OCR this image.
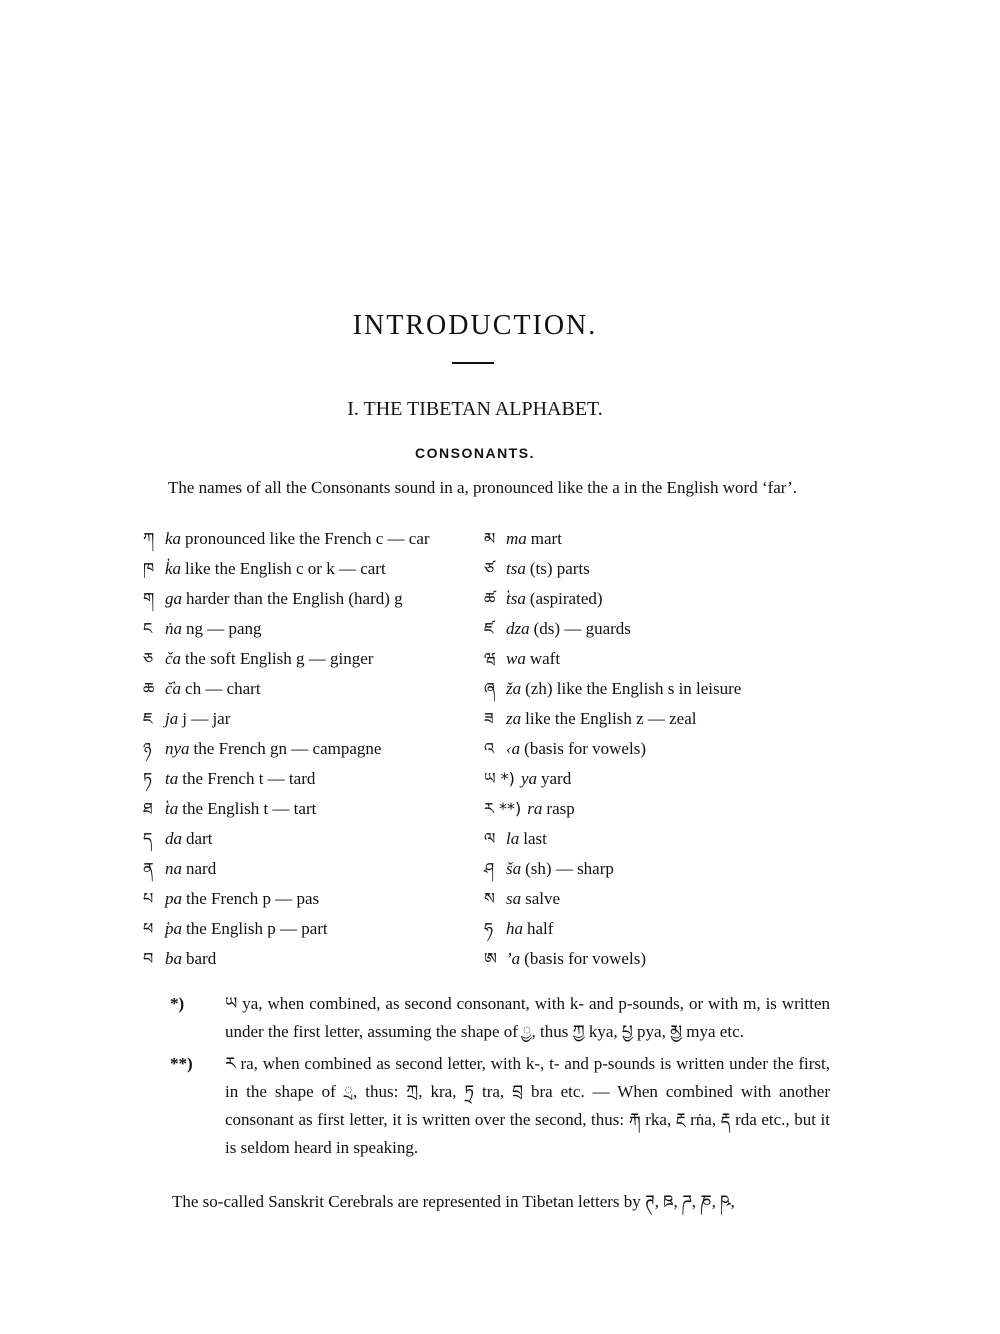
INTRODUCTION.
I. THE TIBETAN ALPHABET.
CONSONANTS.
The names of all the Consonants sound in a, pronounced like the a in the English word ‘far’.
ཀ ka pronounced like the French c — car
ཁ k̔a like the English c or k — cart
ག ga harder than the English (hard) g
ང ṅa ng — pang
ཅ ča the soft English g — ginger
ཆ č̔a ch — chart
ཇ ja j — jar
ཉ nya the French gn — campagne
ཏ ta the French t — tard
ཐ t̔a the English t — tart
ད da dart
ན na nard
པ pa the French p — pas
ཕ p̔a the English p — part
བ ba bard
མ ma mart
ཙ tsa (ts) parts
ཚ t̔sa (aspirated)
ཛ dza (ds) — guards
ཝ wa waft
ཞ ža (zh) like the English s in leisure
ཟ za like the English z — zeal
འ ‹a (basis for vowels)
ཡ *) ya yard
ར **) ra rasp
ལ la last
ཤ ša (sh) — sharp
ས sa salve
ཧ ha half
ཨ ’a (basis for vowels)
*) ཡ ya, when combined, as second consonant, with k- and p-sounds, or with m, is written under the first letter, assuming the shape of ྱ, thus ཀྱ kya, པྱ pya, མྱ mya etc.
**) ར ra, when combined as second letter, with k-, t- and p-sounds is written under the first, in the shape of ྲ, thus: ཀྲ, kra, ཏྲ tra, བྲ bra etc. — When combined with another consonant as first letter, it is written over the second, thus: རྐ rka, རྔ rṅa, རྡ rda etc., but it is seldom heard in speaking.
The so-called Sanskrit Cerebrals are represented in Tibetan letters by ཊ, ཋ, ཌ, ཎ, ཥ,
